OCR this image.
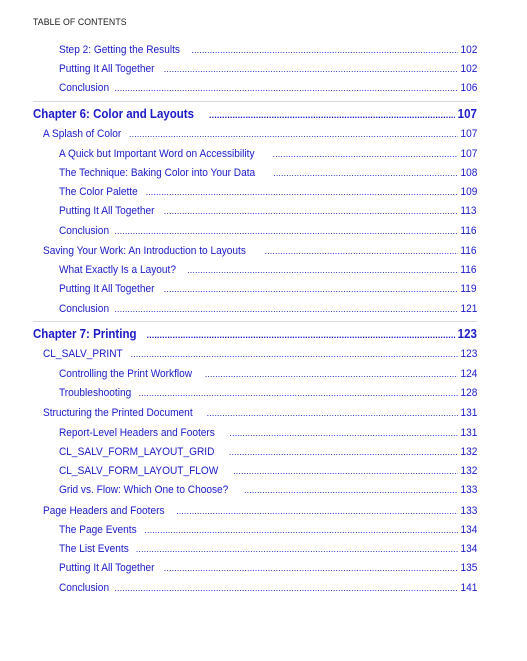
TABLE OF CONTENTS
Step 2: Getting the Results . . .	102
Putting It All Together . . .	102
Conclusion . . .	106
Chapter 6: Color and Layouts . . .	107
A Splash of Color . . .	107
A Quick but Important Word on Accessibility . . .	107
The Technique: Baking Color into Your Data . . .	108
The Color Palette . . .	109
Putting It All Together . . .	113
Conclusion . . .	116
Saving Your Work: An Introduction to Layouts . . .	116
What Exactly Is a Layout? . . .	116
Putting It All Together . . .	119
Conclusion . . .	121
Chapter 7: Printing . . .	123
CL_SALV_PRINT . . .	123
Controlling the Print Workflow . . .	124
Troubleshooting . . .	128
Structuring the Printed Document . . .	131
Report-Level Headers and Footers . . .	131
CL_SALV_FORM_LAYOUT_GRID . . .	132
CL_SALV_FORM_LAYOUT_FLOW . . .	132
Grid vs. Flow: Which One to Choose? . . .	133
Page Headers and Footers . . .	133
The Page Events . . .	134
The List Events . . .	134
Putting It All Together . . .	135
Conclusion . . .	141
